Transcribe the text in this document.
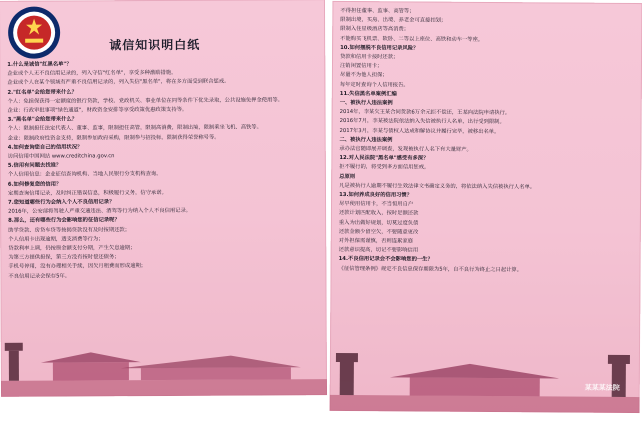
诚信知识明白纸
1.什么是诚信"红黑名单"？
企业或个人无不良信用记录的，列入守信"红名单"，享受多种激励措施。
企业或个人在某个领域有严重不良信用记录的，列入失信"黑名单"，将在多方面受到联合惩戒。
2."红名单"会给您带来什么？
个人：免担保获得一定额度的银行贷款，学校、党政机关、事业单位在同等条件下优先录取，公共设施免押金使用等。
企业：行政审批事项"绿色通道"，财政资金安排等享受政策优惠政策支持等。
3."黑名单"会给您带来什么？
个人：限制担任法定代表人、董事、监事，限制担任高管，限制高消费，限制出境，限制乘坐飞机、高铁等。
企业：限制政府性资金支持，限制参加政府采购，限制参与招投标，限制获得荣誉称号等。
4.如何查询您自己的信用状况？
访问信用中国网站 www.creditchina.gov.cn
5.信用有问题去找谁？
个人信用信息：企业征信查询机构、当地人民银行分支机构查询。
6.如何修复您的信用？
定期查询信用记录，及时纠正错误信息，积极履行义务，信守承诺。
7.您知道哪些行为会纳入个人不良信用记录？
2016年，公安部将驾驶人严重交通违法、酒驾等行为纳入个人不良信用记录。
8.那么，还有哪些行为会影响您的征信记录呢？
助学贷款、房贷车贷等按揭贷款没有及时按期还款；
个人信用卡出现逾期，透支消费等行为；
贷款利率上调，仍按原金额支付分期，产生欠息逾期；
为第三方提供担保，第三方没有按时偿还债务；
手机号停用，没有办理相关手续，因欠月租费而形成逾期；
不良信用记录会保存5年。
不得担任董事、监事、高管等；
限制出境，买房、出境、养老金可直接扣划；
限制入住星级酒店等高消费；
不能购买飞机票、软卧、二等以上座位、高铁和动车一等座。
10.如何摆脱不良信用记录风险？
贷款和信用卡按时还款；
注销闲置信用卡；
尽量不为他人担保；
每年定时查询个人信用报告。
11.失信黑名单案例汇编
一、被执行人违法案例
2014年，李某欠王某合同货款6万余元拒不偿还，王某向法院申请执行。
2016年7月，李某被法院依法纳入失信被执行人名单，出行受到限制。
2017年3月，李某与债权人达成和解协议并履行完毕，被移出名单。
二、被执行人违法案例
承办法官随即展开调查，发现被执行人名下有大量财产。
12.对人民法院"黑名单"感受有多深？
拒不履行的，将受到多方面信用惩戒。
总原则
凡是被执行人逾期不履行生效法律文书确定义务的，将依法纳入失信被执行人名单。
13.如何养成良好的信用习惯？
尽早使用信用卡，不当恒用自户
还款计划匹配收入，按时足额还款
重入为出做好规划，切莫过度负债
还款金额少留空欠，不要随意更改
对外担保需谨慎，否则连累家庭
还款意识提高，切记不要影响信用
14.不良信用记录会不会影响您的一生？
《征信管理条例》规定不良信息保存期限为5年，自不良行为终止之日起计算。
某某某法院
